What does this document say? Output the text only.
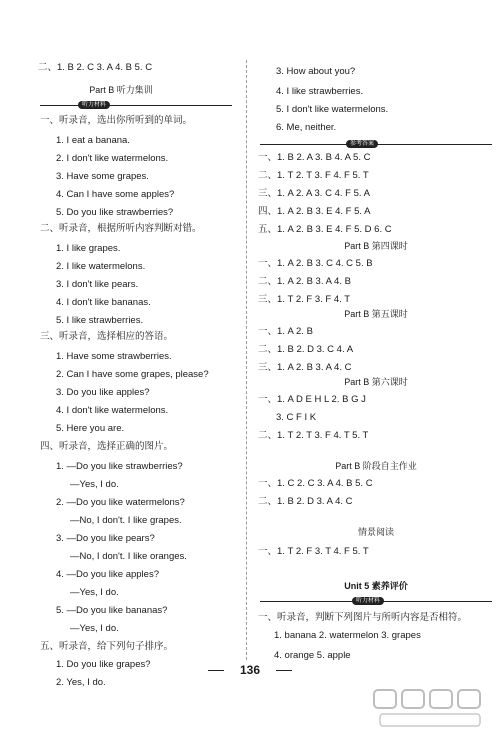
二、1. B 2. C 3. A 4. B 5. C
Part B 听力集训
听力材料
一、听录音，选出你所听到的单词。
1. I eat a banana.
2. I don't like watermelons.
3. Have some grapes.
4. Can I have some apples?
5. Do you like strawberries?
二、听录音，根据所听内容判断对错。
1. I like grapes.
2. I like watermelons.
3. I don't like pears.
4. I don't like bananas.
5. I like strawberries.
三、听录音，选择相应的答语。
1. Have some strawberries.
2. Can I have some grapes, please?
3. Do you like apples?
4. I don't like watermelons.
5. Here you are.
四、听录音，选择正确的图片。
1. —Do you like strawberries?
—Yes, I do.
2. —Do you like watermelons?
—No, I don't. I like grapes.
3. —Do you like pears?
—No, I don't. I like oranges.
4. —Do you like apples?
—Yes, I do.
5. —Do you like bananas?
—Yes, I do.
五、听录音，给下列句子排序。
1. Do you like grapes?
2. Yes, I do.
3. How about you?
4. I like strawberries.
5. I don't like watermelons.
6. Me, neither.
参考答案
一、1. B 2. A 3. B 4. A 5. C
二、1. T 2. T 3. F 4. F 5. T
三、1. A 2. A 3. C 4. F 5. A
四、1. A 2. B 3. E 4. F 5. A
五、1. A 2. B 3. E 4. F 5. D 6. C
Part B 第四课时
一、1. A 2. B 3. C 4. C 5. B
二、1. A 2. B 3. A 4. B
三、1. T 2. F 3. F 4. T
Part B 第五课时
一、1. A 2. B
二、1. B 2. D 3. C 4. A
三、1. A 2. B 3. A 4. C
Part B 第六课时
一、1. A D E H L 2. B G J
3. C F I K
二、1. T 2. T 3. F 4. T 5. T
Part B 阶段自主作业
一、1. C 2. C 3. A 4. B 5. C
二、1. B 2. D 3. A 4. C
情景阅读
一、1. T 2. F 3. T 4. F 5. T
Unit 5 素养评价
听力材料
一、听录音，判断下列图片与所听内容是否相符。
1. banana 2. watermelon 3. grapes
4. orange 5. apple
136
